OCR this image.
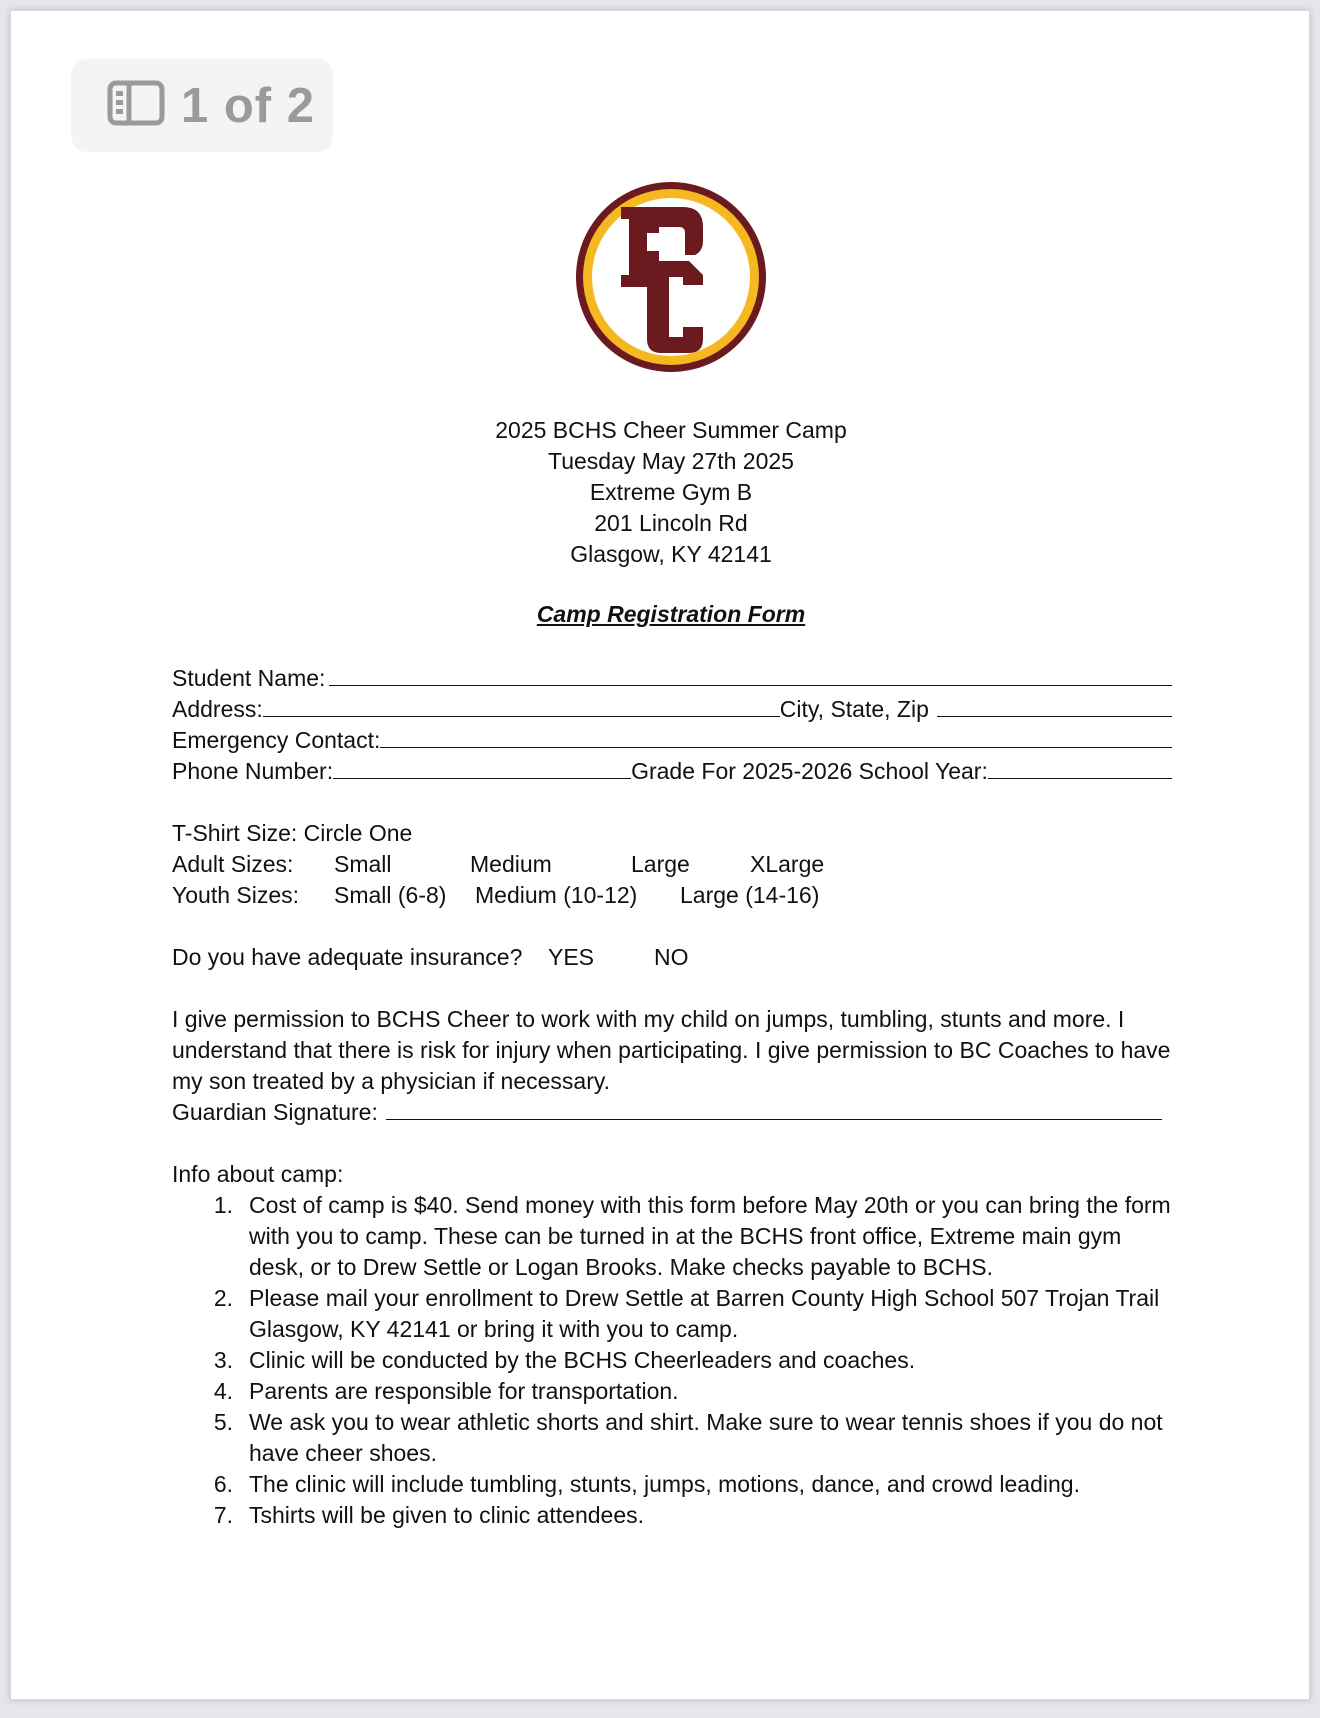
1 of 2
2025 BCHS Cheer Summer Camp
Tuesday May 27th 2025
Extreme Gym B
201 Lincoln Rd
Glasgow, KY 42141
Camp Registration Form
Student Name:
Address:	City, State, Zip
Emergency Contact:
Phone Number:	Grade For 2025-2026 School Year:
T-Shirt Size: Circle One
Adult Sizes:	Small	Medium	Large	XLarge
Youth Sizes:	Small (6-8)	Medium (10-12)	Large (14-16)
Do you have adequate insurance?	YES	NO
I give permission to BCHS Cheer to work with my child on jumps, tumbling, stunts and more. I understand that there is risk for injury when participating. I give permission to BC Coaches to have my son treated by a physician if necessary.
Guardian Signature:
Info about camp:
1. Cost of camp is $40. Send money with this form before May 20th or you can bring the form with you to camp. These can be turned in at the BCHS front office, Extreme main gym desk, or to Drew Settle or Logan Brooks. Make checks payable to BCHS.
2. Please mail your enrollment to Drew Settle at Barren County High School 507 Trojan Trail Glasgow, KY 42141 or bring it with you to camp.
3. Clinic will be conducted by the BCHS Cheerleaders and coaches.
4. Parents are responsible for transportation.
5. We ask you to wear athletic shorts and shirt. Make sure to wear tennis shoes if you do not have cheer shoes.
6. The clinic will include tumbling, stunts, jumps, motions, dance, and crowd leading.
7. Tshirts will be given to clinic attendees.
